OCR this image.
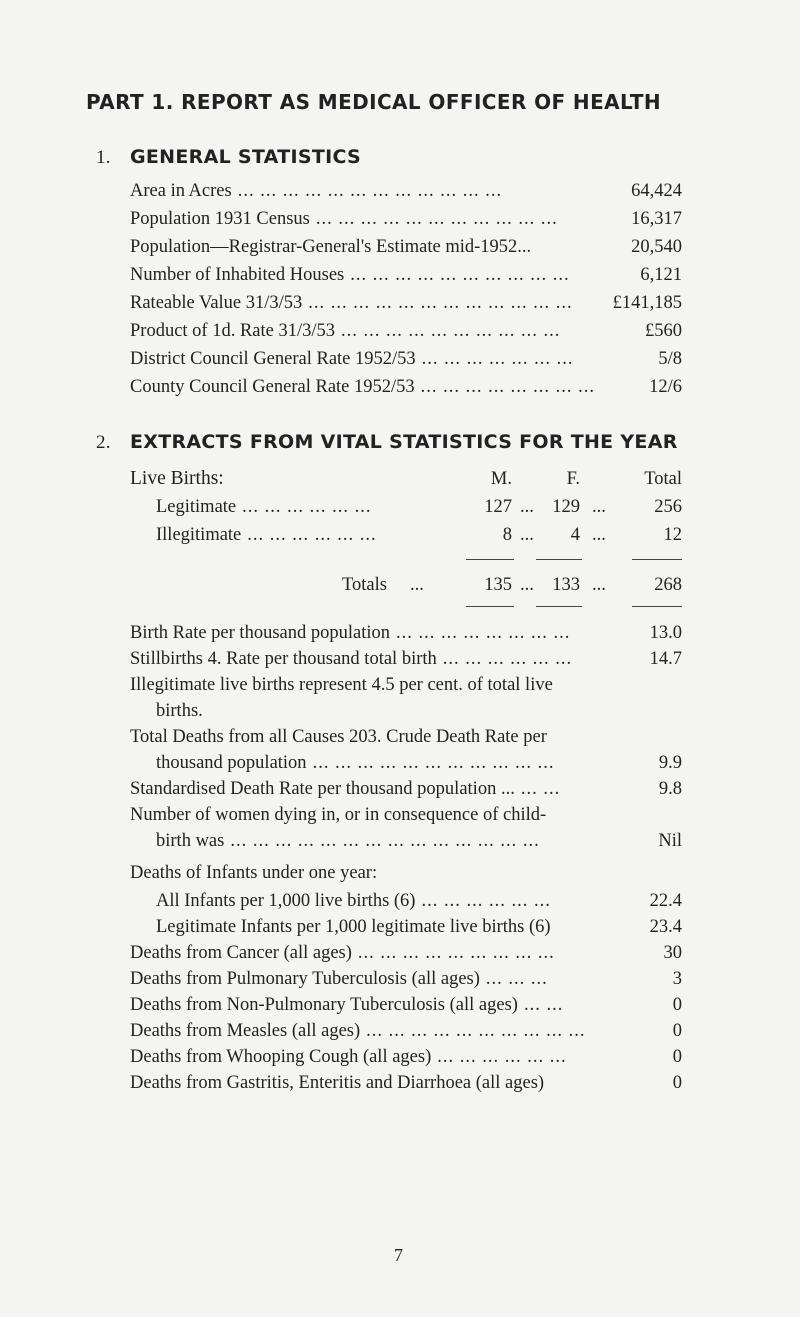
PART 1. REPORT AS MEDICAL OFFICER OF HEALTH
1. GENERAL STATISTICS
Area in Acres ... ... ... ... ... ... ... ... ... ... ... ...	64,424
Population 1931 Census ... ... ... ... ... ... ... ... ... ... ...	16,317
Population—Registrar-General's Estimate mid-1952...	20,540
Number of Inhabited Houses ... ... ... ... ... ... ... ... ... ...	6,121
Rateable Value 31/3/53 ... ... ... ... ... ... ... ... ... ... ... ...	£141,185
Product of 1d. Rate 31/3/53 ... ... ... ... ... ... ... ... ... ...	£560
District Council General Rate 1952/53 ... ... ... ... ... ... ...	5/8
County Council General Rate 1952/53 ... ... ... ... ... ... ... ...	12/6
2. EXTRACTS FROM VITAL STATISTICS FOR THE YEAR
Live Births:	M.	F.	Total
Legitimate ... ... ... ... ... ...	127 ... 129 ...	256
Illegitimate ... ... ... ... ... ...	8 ...	4 ...	12
Totals ...	135 ... 133 ...	268
Birth Rate per thousand population ... ... ... ... ... ... ... ...	13.0
Stillbirths 4. Rate per thousand total birth ... ... ... ... ... ...	14.7
Illegitimate live births represent 4.5 per cent. of total live
births.
Total Deaths from all Causes 203. Crude Death Rate per
thousand population ... ... ... ... ... ... ... ... ... ... ...	9.9
Standardised Death Rate per thousand population ... ... ...	9.8
Number of women dying in, or in consequence of child-
birth was ... ... ... ... ... ... ... ... ... ... ... ... ... ...	Nil
Deaths of Infants under one year:
All Infants per 1,000 live births (6) ... ... ... ... ... ...	22.4
Legitimate Infants per 1,000 legitimate live births (6)	23.4
Deaths from Cancer (all ages) ... ... ... ... ... ... ... ... ...	30
Deaths from Pulmonary Tuberculosis (all ages) ... ... ...	3
Deaths from Non-Pulmonary Tuberculosis (all ages) ... ...	0
Deaths from Measles (all ages) ... ... ... ... ... ... ... ... ... ...	0
Deaths from Whooping Cough (all ages) ... ... ... ... ... ...	0
Deaths from Gastritis, Enteritis and Diarrhoea (all ages)	0
7
